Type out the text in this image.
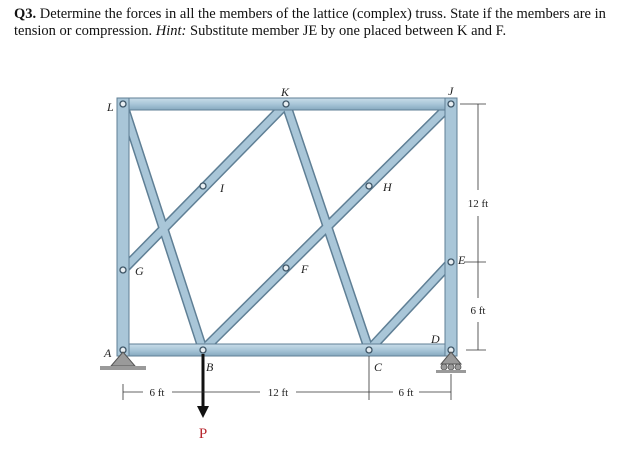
Q3. Determine the forces in all the members of the lattice (complex) truss. State if the members are in tension or compression. Hint: Substitute member JE by one placed between K and F.

P
L
K	J
I	H
G	F
E
A
B	C
D
6 ft	12 ft	6 ft
12 ft
6 ft
